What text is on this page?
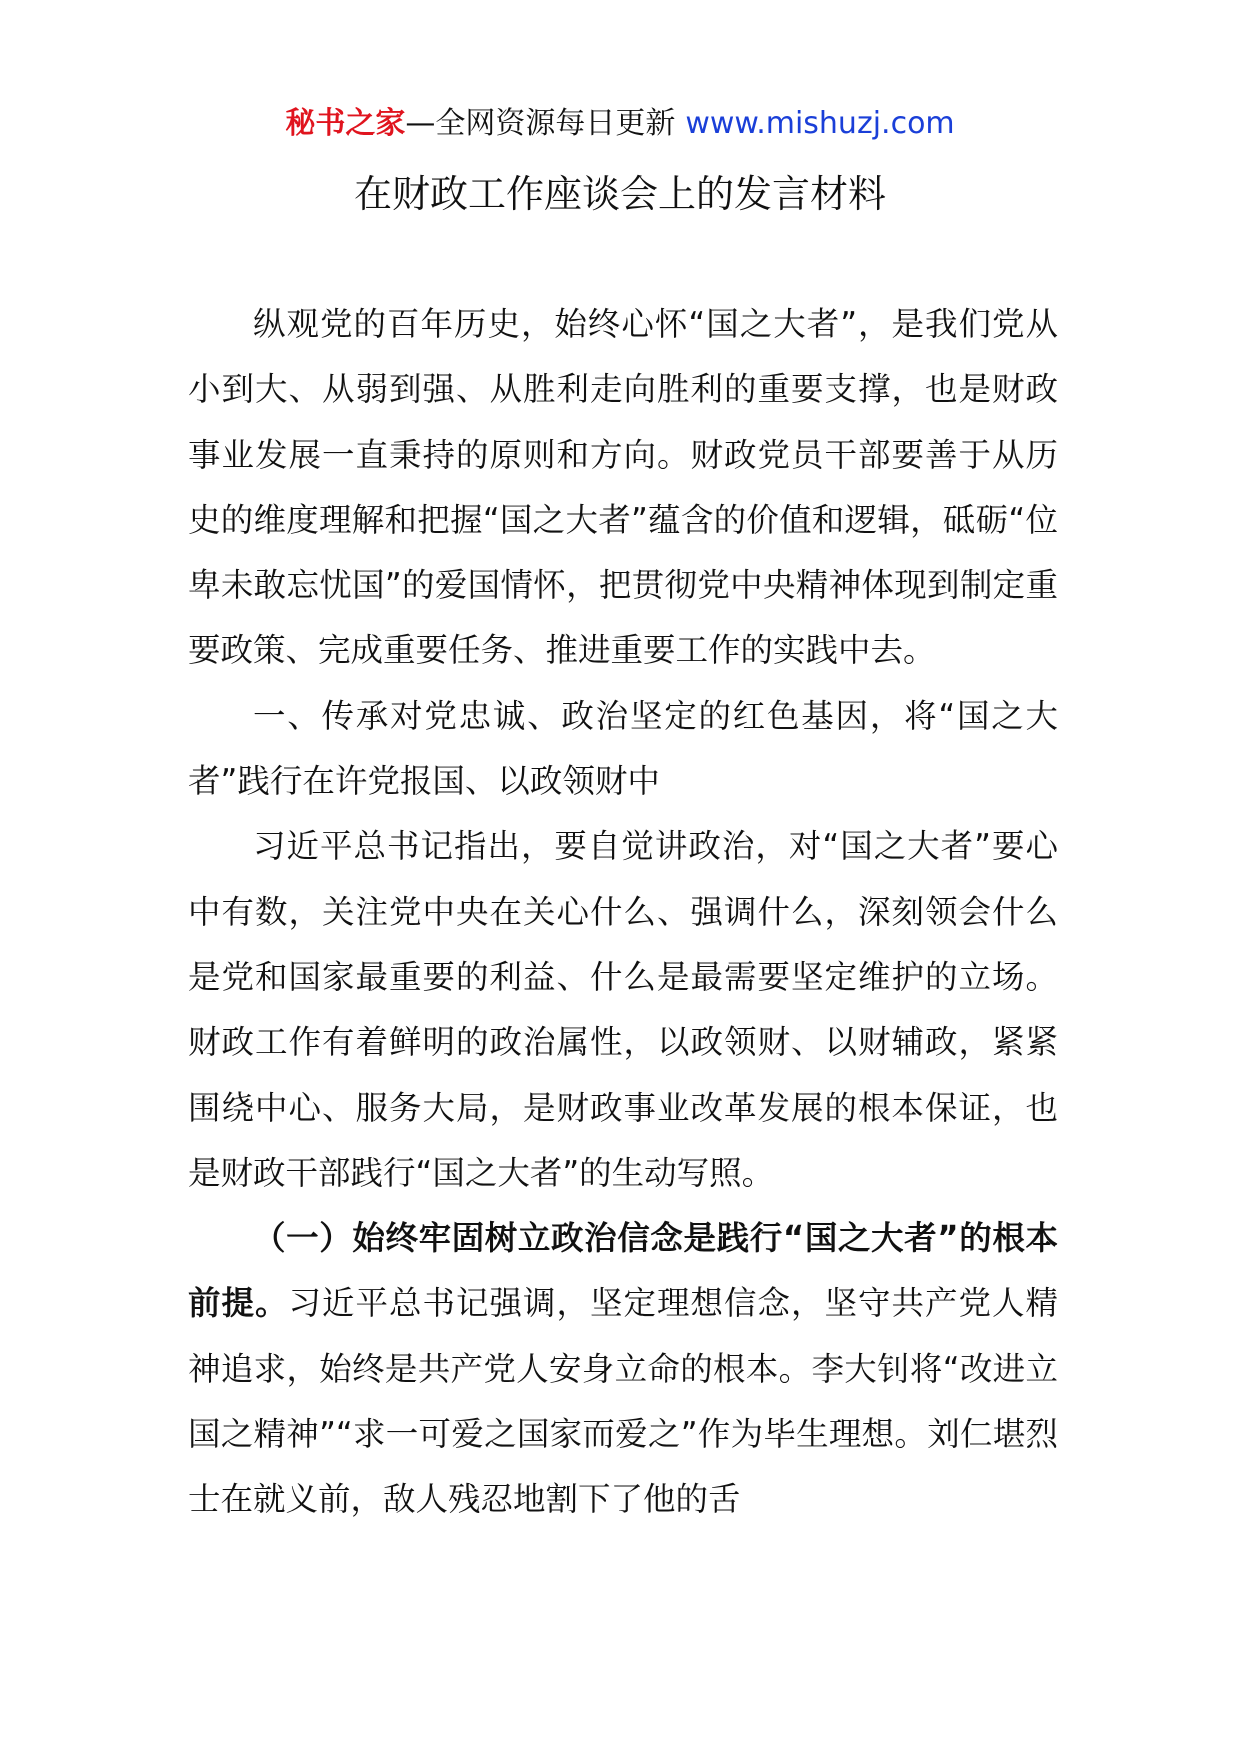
秘书之家—全网资源每日更新 www.mishuzj.com
在财政工作座谈会上的发言材料

纵观党的百年历史，始终心怀“国之大者”，是我们党从小到大、从弱到强、从胜利走向胜利的重要支撑，也是财政事业发展一直秉持的原则和方向。财政党员干部要善于从历史的维度理解和把握“国之大者”蕴含的价值和逻辑，砥砺“位卑未敢忘忧国”的爱国情怀，把贯彻党中央精神体现到制定重要政策、完成重要任务、推进重要工作的实践中去。

一、传承对党忠诚、政治坚定的红色基因，将“国之大者”践行在许党报国、以政领财中

习近平总书记指出，要自觉讲政治，对“国之大者”要心中有数，关注党中央在关心什么、强调什么，深刻领会什么是党和国家最重要的利益、什么是最需要坚定维护的立场。财政工作有着鲜明的政治属性，以政领财、以财辅政，紧紧围绕中心、服务大局，是财政事业改革发展的根本保证，也是财政干部践行“国之大者”的生动写照。

（一）始终牢固树立政治信念是践行“国之大者”的根本前提。习近平总书记强调，坚定理想信念，坚守共产党人精神追求，始终是共产党人安身立命的根本。李大钊将“改进立国之精神”“求一可爱之国家而爱之”作为毕生理想。刘仁堪烈士在就义前，敌人残忍地割下了他的舌
